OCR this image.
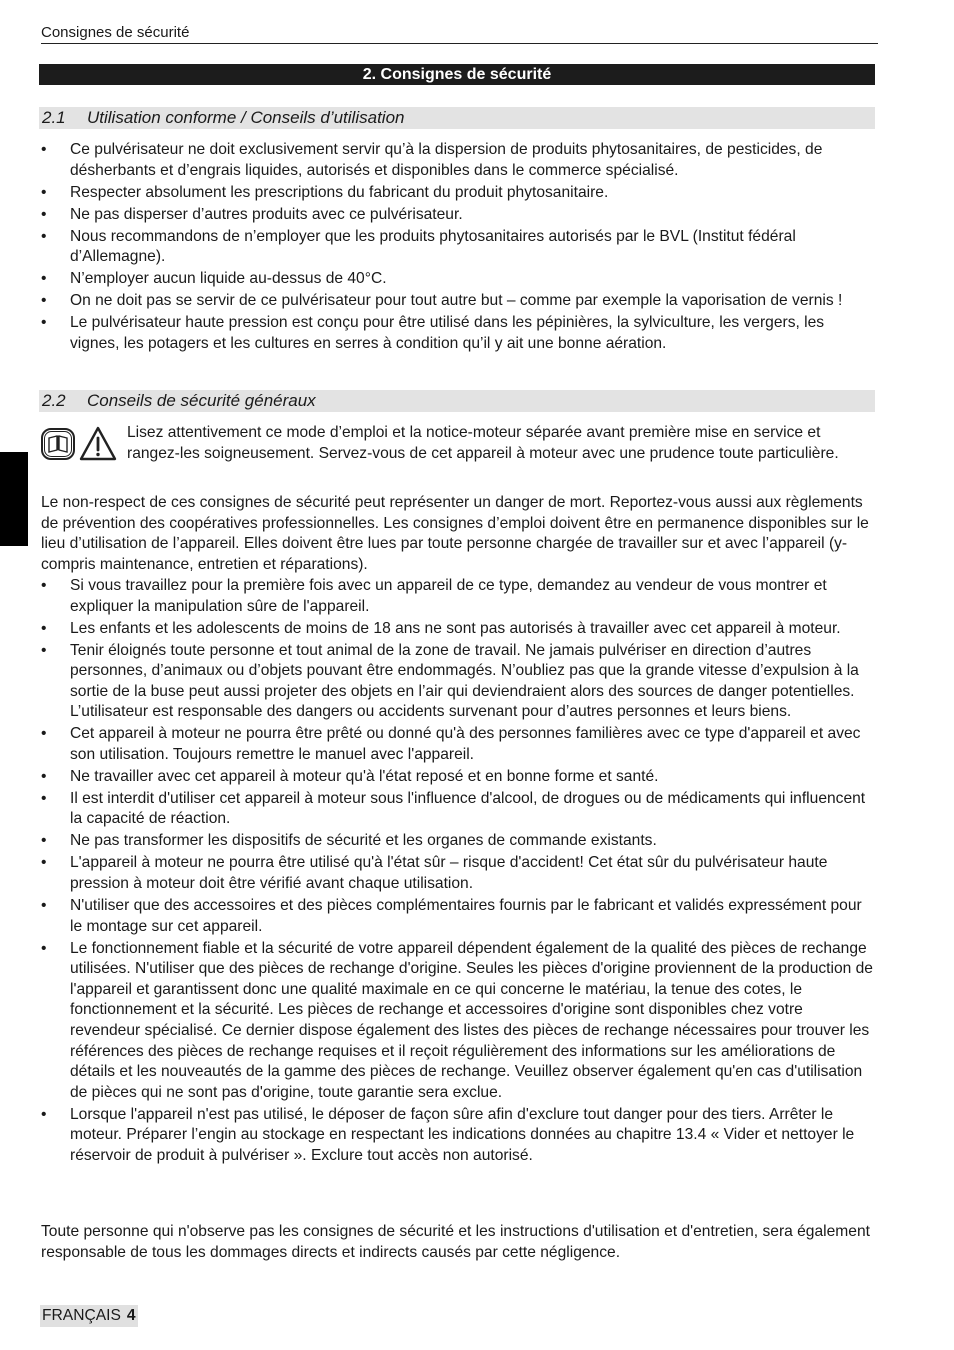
Consignes de sécurité
2. Consignes de sécurité
2.1 Utilisation conforme / Conseils d’utilisation
• Ce pulvérisateur ne doit exclusivement servir qu’à la dispersion de produits phytosanitaires, de pesticides, de désherbants et d’engrais liquides, autorisés et disponibles dans le commerce spécialisé.
• Respecter absolument les prescriptions du fabricant du produit phytosanitaire.
• Ne pas disperser d’autres produits avec ce pulvérisateur.
• Nous recommandons de n’employer que les produits phytosanitaires autorisés par le BVL (Institut fédéral d’Allemagne).
• N’employer aucun liquide au-dessus de 40°C.
• On ne doit pas se servir de ce pulvérisateur pour tout autre but – comme par exemple la vaporisation de vernis !
• Le pulvérisateur haute pression est conçu pour être utilisé dans les pépinières, la sylviculture, les vergers, les vignes, les potagers et les cultures en serres à condition qu’il y ait une bonne aération.
2.2 Conseils de sécurité généraux
Lisez attentivement ce mode d’emploi et la notice-moteur séparée avant première mise en service et rangez-les soigneusement. Servez-vous de cet appareil à moteur avec une prudence toute particulière.

Le non-respect de ces consignes de sécurité peut représenter un danger de mort. Reportez-vous aussi aux règlements de prévention des coopératives professionnelles. Les consignes d’emploi doivent être en permanence disponibles sur le lieu d’utilisation de l’appareil. Elles doivent être lues par toute personne chargée de travailler sur et avec l’appareil (y-compris maintenance, entretien et réparations).

• Si vous travaillez pour la première fois avec un appareil de ce type, demandez au vendeur de vous montrer et expliquer la manipulation sûre de l'appareil.
• Les enfants et les adolescents de moins de 18 ans ne sont pas autorisés à travailler avec cet appareil à moteur.
• Tenir éloignés toute personne et tout animal de la zone de travail. Ne jamais pulvériser en direction d’autres personnes, d’animaux ou d’objets pouvant être endommagés. N’oubliez pas que la grande vitesse d’expulsion à la sortie de la buse peut aussi projeter des objets en l’air qui deviendraient alors des sources de danger potentielles. L’utilisateur est responsable des dangers ou accidents survenant pour d’autres personnes et leurs biens.
• Cet appareil à moteur ne pourra être prêté ou donné qu'à des personnes familières avec ce type d'appareil et avec son utilisation. Toujours remettre le manuel avec l'appareil.
• Ne travailler avec cet appareil à moteur qu'à l'état reposé et en bonne forme et santé.
• Il est interdit d'utiliser cet appareil à moteur sous l'influence d'alcool, de drogues ou de médicaments qui influencent la capacité de réaction.
• Ne pas transformer les dispositifs de sécurité et les organes de commande existants.
• L'appareil à moteur ne pourra être utilisé qu'à l'état sûr – risque d'accident! Cet état sûr du pulvérisateur haute pression à moteur doit être vérifié avant chaque utilisation.
• N'utiliser que des accessoires et des pièces complémentaires fournis par le fabricant et validés expressément pour le montage sur cet appareil.
• Le fonctionnement fiable et la sécurité de votre appareil dépendent également de la qualité des pièces de rechange utilisées. N'utiliser que des pièces de rechange d'origine. Seules les pièces d'origine proviennent de la production de l'appareil et garantissent donc une qualité maximale en ce qui concerne le matériau, la tenue des cotes, le fonctionnement et la sécurité. Les pièces de rechange et accessoires d'origine sont disponibles chez votre revendeur spécialisé. Ce dernier dispose également des listes des pièces de rechange nécessaires pour trouver les références des pièces de rechange requises et il reçoit régulièrement des informations sur les améliorations de détails et les nouveautés de la gamme des pièces de rechange. Veuillez observer également qu'en cas d'utilisation de pièces qui ne sont pas d'origine, toute garantie sera exclue.
• Lorsque l'appareil n'est pas utilisé, le déposer de façon sûre afin d'exclure tout danger pour des tiers. Arrêter le moteur. Préparer l’engin au stockage en respectant les indications données au chapitre 13.4 « Vider et nettoyer le réservoir de produit à pulvériser ». Exclure tout accès non autorisé.

Toute personne qui n'observe pas les consignes de sécurité et les instructions d'utilisation et d'entretien, sera également responsable de tous les dommages directs et indirects causés par cette négligence.

FRANÇAIS 4
